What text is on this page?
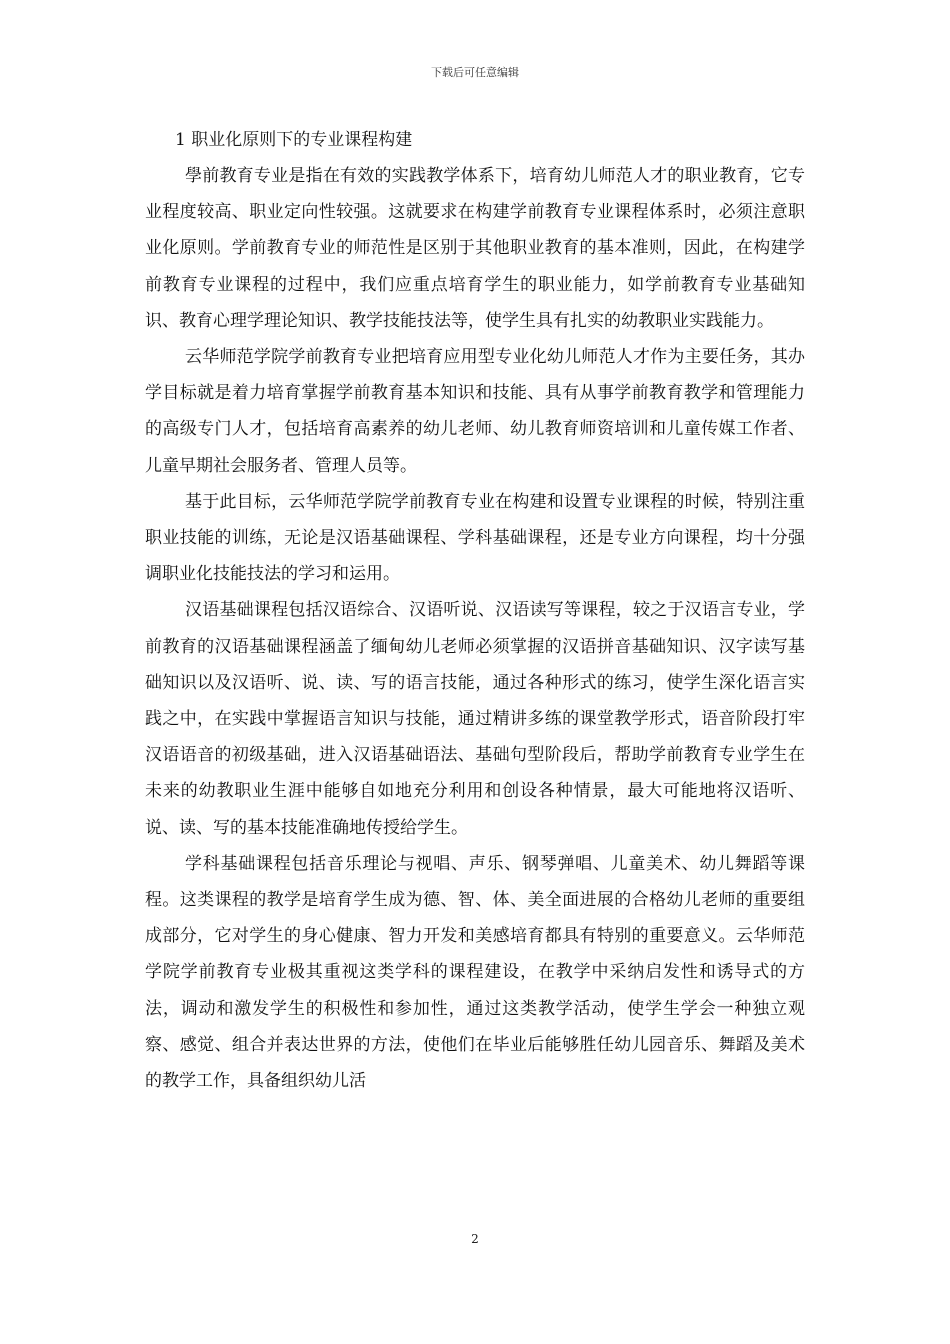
下载后可任意编辑

1 职业化原则下的专业课程构建

學前教育专业是指在有效的实践教学体系下，培育幼儿师范人才的职业教育，它专业程度较高、职业定向性较强。这就要求在构建学前教育专业课程体系时，必须注意职业化原则。学前教育专业的师范性是区别于其他职业教育的基本准则，因此，在构建学前教育专业课程的过程中，我们应重点培育学生的职业能力，如学前教育专业基础知识、教育心理学理论知识、教学技能技法等，使学生具有扎实的幼教职业实践能力。

云华师范学院学前教育专业把培育应用型专业化幼儿师范人才作为主要任务，其办学目标就是着力培育掌握学前教育基本知识和技能、具有从事学前教育教学和管理能力的高级专门人才，包括培育高素养的幼儿老师、幼儿教育师资培训和儿童传媒工作者、儿童早期社会服务者、管理人员等。

基于此目标，云华师范学院学前教育专业在构建和设置专业课程的时候，特别注重职业技能的训练，无论是汉语基础课程、学科基础课程，还是专业方向课程，均十分强调职业化技能技法的学习和运用。

汉语基础课程包括汉语综合、汉语听说、汉语读写等课程，较之于汉语言专业，学前教育的汉语基础课程涵盖了缅甸幼儿老师必须掌握的汉语拼音基础知识、汉字读写基础知识以及汉语听、说、读、写的语言技能，通过各种形式的练习，使学生深化语言实践之中，在实践中掌握语言知识与技能，通过精讲多练的课堂教学形式，语音阶段打牢汉语语音的初级基础，进入汉语基础语法、基础句型阶段后，帮助学前教育专业学生在未来的幼教职业生涯中能够自如地充分利用和创设各种情景，最大可能地将汉语听、说、读、写的基本技能准确地传授给学生。

学科基础课程包括音乐理论与视唱、声乐、钢琴弹唱、儿童美术、幼儿舞蹈等课程。这类课程的教学是培育学生成为德、智、体、美全面进展的合格幼儿老师的重要组成部分，它对学生的身心健康、智力开发和美感培育都具有特别的重要意义。云华师范学院学前教育专业极其重视这类学科的课程建设，在教学中采纳启发性和诱导式的方法，调动和激发学生的积极性和参加性，通过这类教学活动，使学生学会一种独立观察、感觉、组合并表达世界的方法，使他们在毕业后能够胜任幼儿园音乐、舞蹈及美术的教学工作，具备组织幼儿活

2
